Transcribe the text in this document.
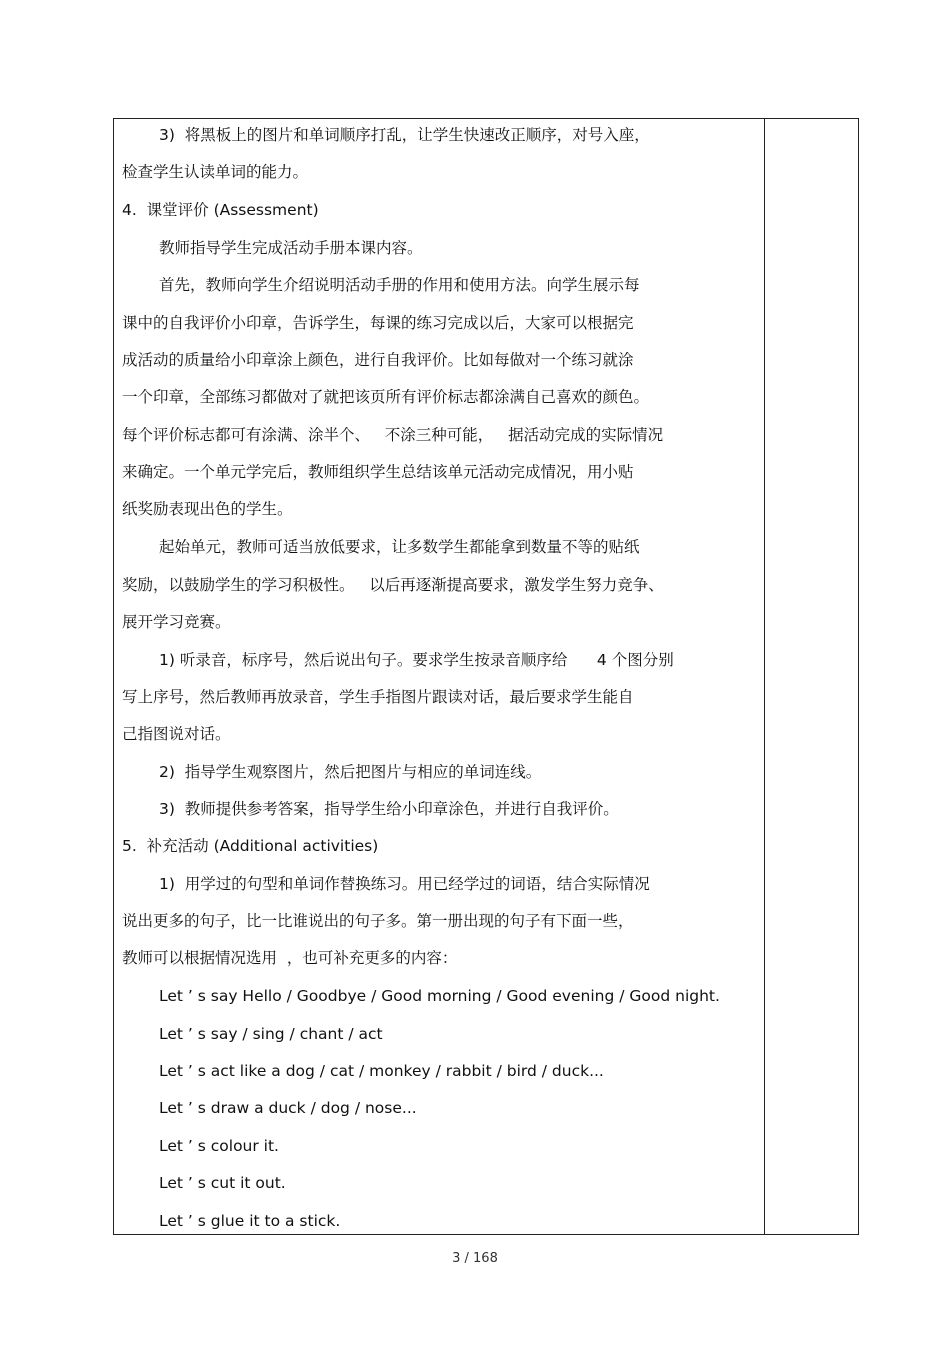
3)  将黑板上的图片和单词顺序打乱，让学生快速改正顺序，对号入座，
检查学生认读单词的能力。
4.  课堂评价 (Assessment)
教师指导学生完成活动手册本课内容。
首先，教师向学生介绍说明活动手册的作用和使用方法。向学生展示每
课中的自我评价小印章，告诉学生，每课的练习完成以后，大家可以根据完
成活动的质量给小印章涂上颜色，进行自我评价。比如每做对一个练习就涂
一个印章，全部练习都做对了就把该页所有评价标志都涂满自己喜欢的颜色。
每个评价标志都可有涂满、涂半个、   不涂三种可能，   据活动完成的实际情况
来确定。一个单元学完后，教师组织学生总结该单元活动完成情况，用小贴
纸奖励表现出色的学生。
起始单元，教师可适当放低要求，让多数学生都能拿到数量不等的贴纸
奖励，以鼓励学生的学习积极性。   以后再逐渐提高要求，激发学生努力竞争、
展开学习竞赛。
1) 听录音，标序号，然后说出句子。要求学生按录音顺序给      4 个图分别
写上序号，然后教师再放录音，学生手指图片跟读对话，最后要求学生能自
己指图说对话。
2)  指导学生观察图片，然后把图片与相应的单词连线。
3)  教师提供参考答案，指导学生给小印章涂色，并进行自我评价。
5.  补充活动 (Additional activities)
1)  用学过的句型和单词作替换练习。用已经学过的词语，结合实际情况
说出更多的句子，比一比谁说出的句子多。第一册出现的句子有下面一些，
教师可以根据情况选用  ，也可补充更多的内容：
Let ’ s say Hello / Goodbye / Good morning / Good evening / Good night.
Let ’ s say / sing / chant / act
Let ’ s act like a dog / cat / monkey / rabbit / bird / duck...
Let ’ s draw a duck / dog / nose...
Let ’ s colour it.
Let ’ s cut it out.
Let ’ s glue it to a stick.
3 / 168
